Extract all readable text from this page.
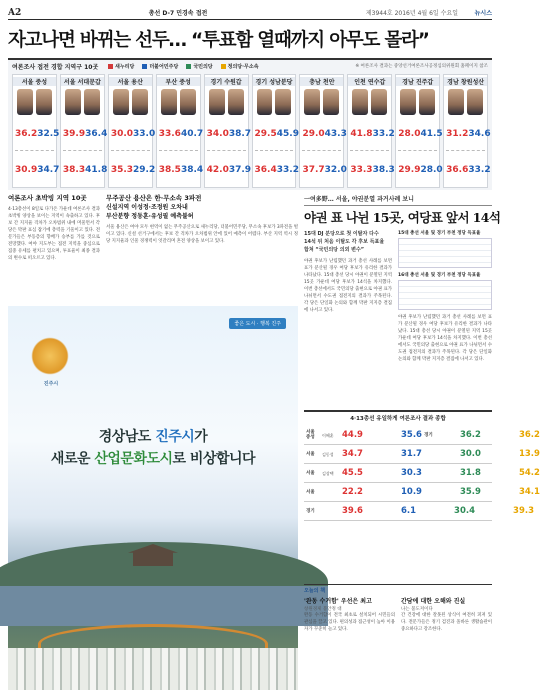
A2	총선 D-7 민경속 접전	제3944호 2016년 4월 6일 수요일	뉴시스
자고나면 바뀌는 선두… “투표함 열때까지 아무도 몰라”
여론조사 접전 경합 지역구 10곳	새누리당	더불어민주당	국민의당	정의당·무소속	※ 여론조사 결과는 중앙선거여론조사공정심의위원회 홈페이지 참조
서울 중성
36.2 32.5
30.9 34.7
서울 서대문갑
39.9 36.4
38.3 41.8
서울 용산
30.0 33.0
35.3 29.2
부산 중성
33.6 40.7
38.5 38.4
경기 수원갑
34.0 38.7
42.0 37.9
경기 성남분당
29.5 45.9
36.4 33.2
충남 천안
29.0 43.3
37.7 32.0
인천 연수갑
41.8 33.2
33.3 38.3
경남 진주갑
28.0 41.5
29.9 28.0
경남 창원성산
31.2 34.6
36.6 33.2
여론조사 초박빙 지역 10곳
4·13총선이 8일로 다가온 가운데 여론조사 결과 초박빙 양상을 보이는 지역이 속출하고 있다. 후보 간 지지율 격차가 오차범위 내에 머물면서 각 당은 막판 표심 잡기에 총력을 기울이고 있다. 전문가들은 부동층의 향배가 승부를 가를 것으로 전망했다. 여야 지도부는 접전 지역을 중심으로 집중 유세를 펼치고 있으며, 투표율이 최종 결과의 변수로 떠오르고 있다.
무주공산 용산은 한·무소속 3파전
신설지역 이성정·조정원 오차내
부산분향 정동훈·유성필 예측불허
서울 용산은 여야 모두 현역이 없는 무주공산으로 새누리당, 더불어민주당, 무소속 후보가 3파전을 벌이고 있다. 신설 선거구에서는 후보 간 격차가 오차범위 안에 있어 예측이 어렵다. 부산 지역 역시 정당 지지율과 인물 경쟁력이 엇갈리며 혼전 양상을 보이고 있다.
一여多野… 서울, 야권분열 과거사례 보니
야권 표 나뉜 15곳, 여당표 앞서 14석
15대 DJ 분당으로 첫 이탈자 다수
14석 뒤 처음 이탈도 각 후보 득표율
합쳐 “국민의당 의외 변수”
야권 후보가 난립했던 과거 총선 사례를 보면 표가 분산될 경우 여당 후보가 유리한 결과가 나타났다. 15대 총선 당시 야권이 분열된 지역 15곳 가운데 여당 후보가 14석을 차지했다. 이번 총선에서도 국민의당 출현으로 야권 표가 나뉘면서 수도권 접전지의 결과가 주목된다. 각 당은 단일화 논의와 함께 막판 지지층 결집에 나서고 있다.
15대 총선 서울 및 경기 부천 정당 득표율
16대 총선 서울 및 경기 부천 정당 득표율
야권 후보가 난립했던 과거 총선 사례를 보면 표가 분산될 경우 여당 후보가 유리한 결과가 나타났다. 15대 총선 당시 야권이 분열된 지역 15곳 가운데 여당 후보가 14석을 차지했다. 이번 총선에서도 국민의당 출현으로 야권 표가 나뉘면서 수도권 접전지의 결과가 주목된다. 각 당은 단일화 논의와 함께 막판 지지층 결집에 나서고 있다.
좋은 도시 · 행복 진주
진주시
경상남도 진주시가
새로운 산업문화도시로 비상합니다
4·13총선 유일하게 여론조사 결과 종합
서울 중성	이혜훈 44.9	35.6 경기	36.2	36.2
서울	김동성 34.7	31.7	30.0	13.9
서울	김상택 45.5	30.3	31.8	54.2
서울	22.2	10.9	35.9	34.1
경기	39.6	6.1	30.4	39.3
오늘의 책
'완동 수거함' 우선은 최고
창원경제 불안정 대
완동 수거함이 전국 최초로 설치되어 시민들의 관심을 끌고 있다. 편의성과 접근성이 높아 이용자가 꾸준히 늘고 있다.
간담에 대한 오해와 진실
나는 불도저이다
간 건강에 대한 잘못된 상식이 여전히 퍼져 있다. 전문가들은 정기 검진과 올바른 생활습관이 중요하다고 강조한다.
